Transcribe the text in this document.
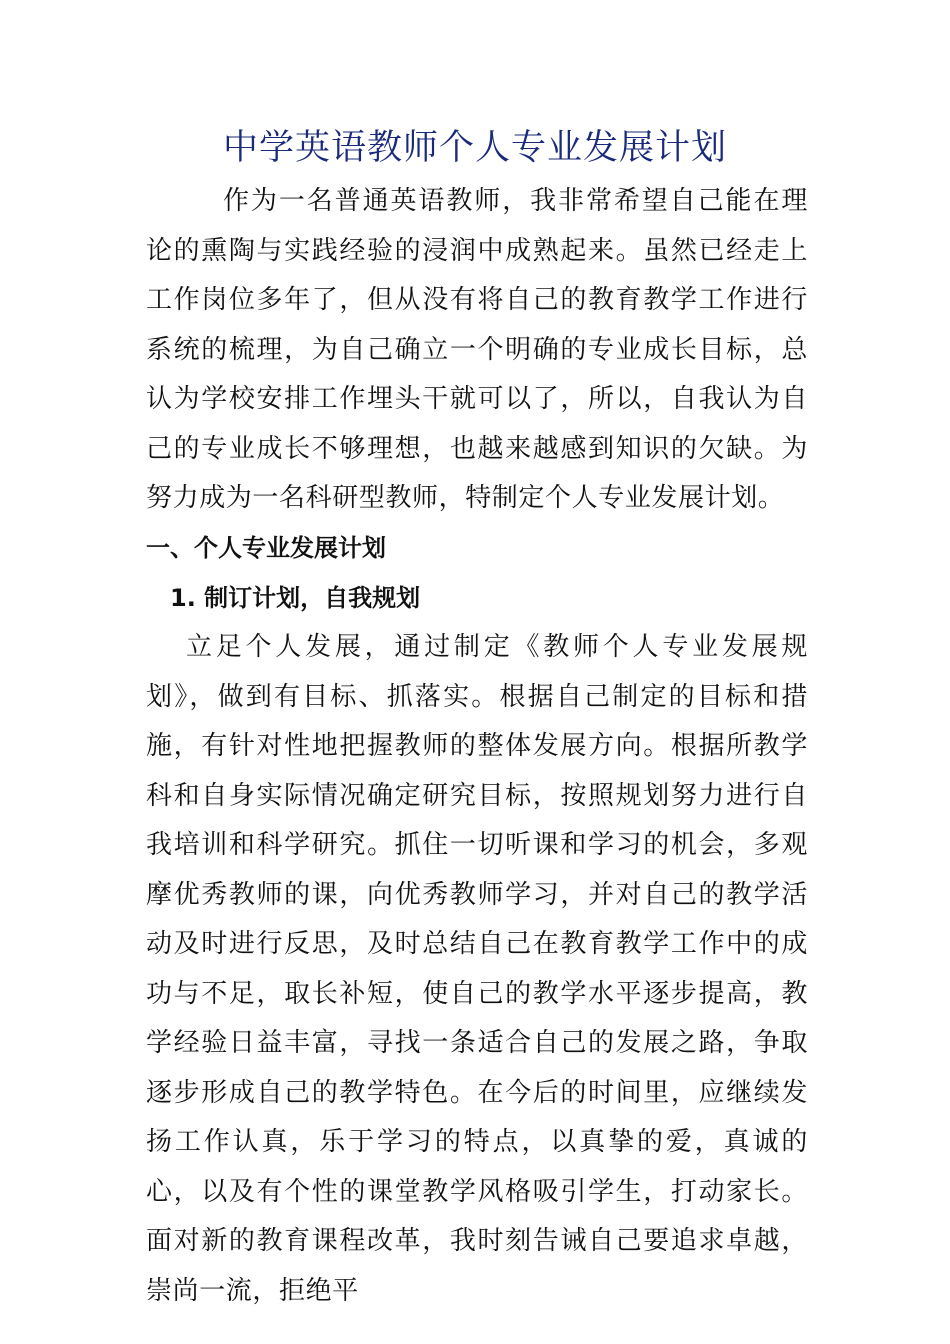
中学英语教师个人专业发展计划

作为一名普通英语教师，我非常希望自己能在理论的熏陶与实践经验的浸润中成熟起来。虽然已经走上工作岗位多年了，但从没有将自己的教育教学工作进行系统的梳理，为自己确立一个明确的专业成长目标，总认为学校安排工作埋头干就可以了，所以，自我认为自己的专业成长不够理想，也越来越感到知识的欠缺。为努力成为一名科研型教师，特制定个人专业发展计划。

一、个人专业发展计划
1. 制订计划，自我规划

立足个人发展，通过制定《教师个人专业发展规划》，做到有目标、抓落实。根据自己制定的目标和措施，有针对性地把握教师的整体发展方向。根据所教学科和自身实际情况确定研究目标，按照规划努力进行自我培训和科学研究。抓住一切听课和学习的机会，多观摩优秀教师的课，向优秀教师学习，并对自己的教学活动及时进行反思，及时总结自己在教育教学工作中的成功与不足，取长补短，使自己的教学水平逐步提高，教学经验日益丰富，寻找一条适合自己的发展之路，争取逐步形成自己的教学特色。在今后的时间里，应继续发扬工作认真，乐于学习的特点，以真挚的爱，真诚的心，以及有个性的课堂教学风格吸引学生，打动家长。面对新的教育课程改革，我时刻告诫自己要追求卓越，崇尚一流，拒绝平
